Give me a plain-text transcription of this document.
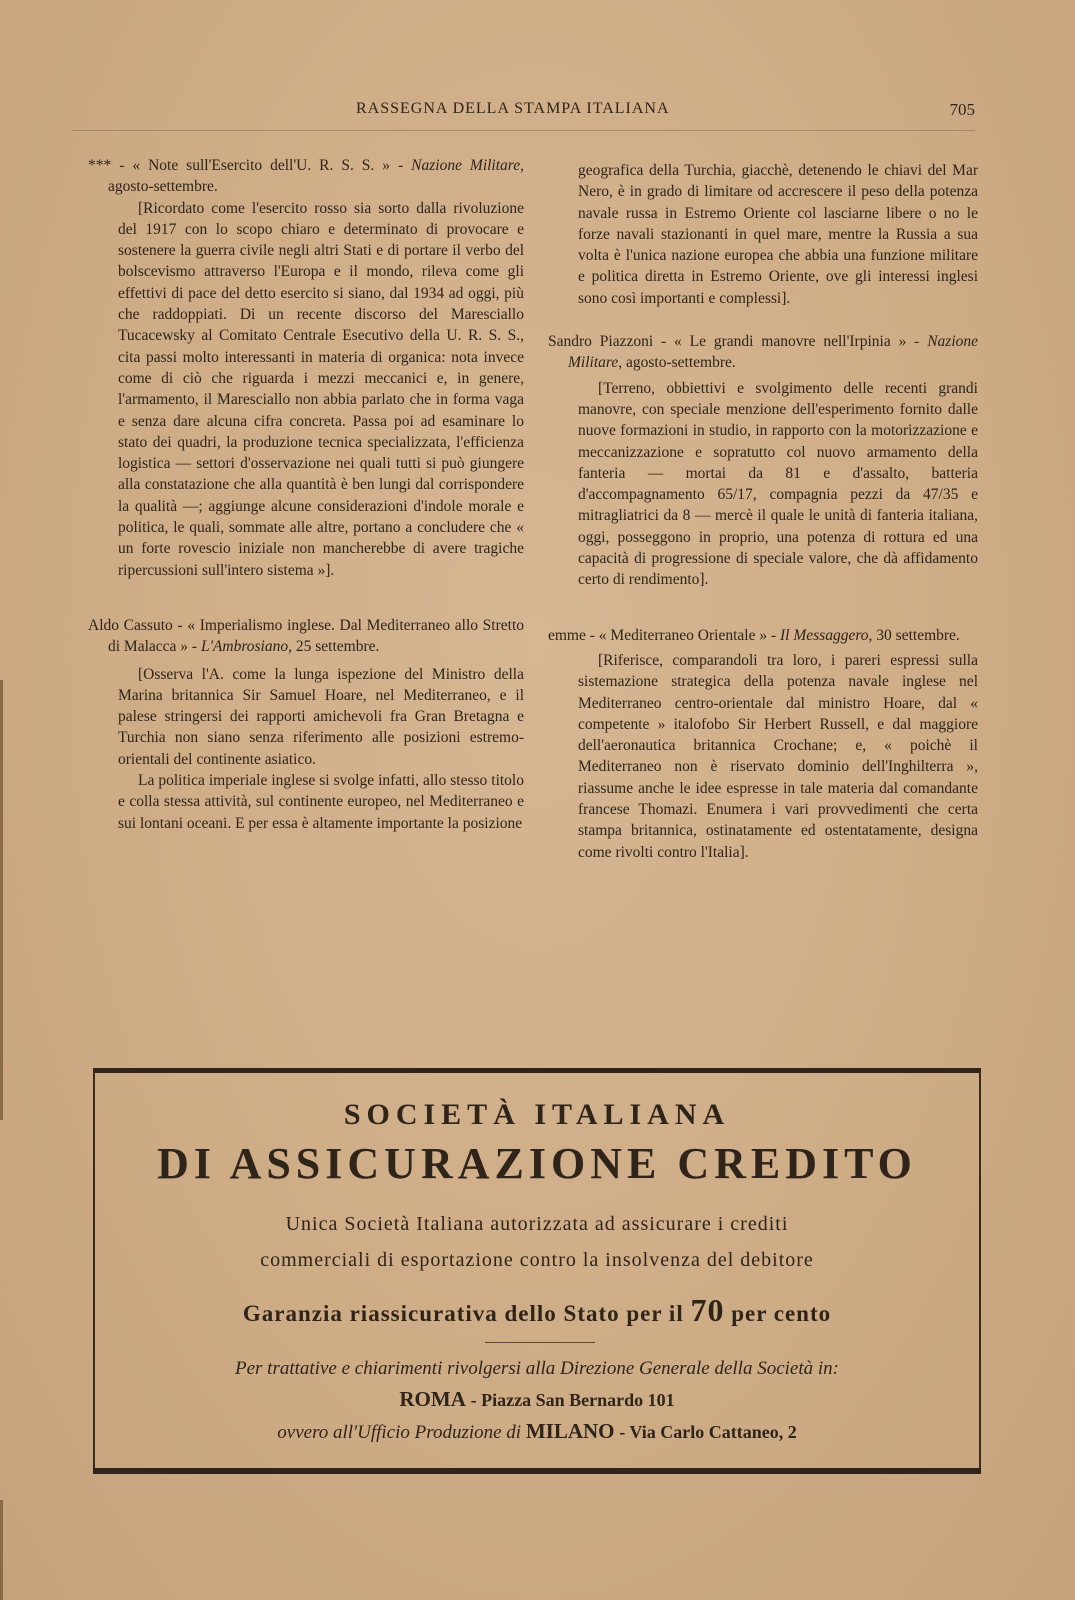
RASSEGNA DELLA STAMPA ITALIANA	705

*** - « Note sull'Esercito dell'U. R. S. S. » - Nazione Militare, agosto-settembre.

[Ricordato come l'esercito rosso sia sorto dalla rivoluzione del 1917 con lo scopo chiaro e determinato di provocare e sostenere la guerra civile negli altri Stati e di portare il verbo del bolscevismo attraverso l'Europa e il mondo, rileva come gli effettivi di pace del detto esercito si siano, dal 1934 ad oggi, più che raddoppiati. Di un recente discorso del Maresciallo Tucacewsky al Comitato Centrale Esecutivo della U. R. S. S., cita passi molto interessanti in materia di organica: nota invece come di ciò che riguarda i mezzi meccanici e, in genere, l'armamento, il Maresciallo non abbia parlato che in forma vaga e senza dare alcuna cifra concreta. Passa poi ad esaminare lo stato dei quadri, la produzione tecnica specializzata, l'efficienza logistica — settori d'osservazione nei quali tutti si può giungere alla constatazione che alla quantità è ben lungi dal corrispondere la qualità —; aggiunge alcune considerazioni d'indole morale e politica, le quali, sommate alle altre, portano a concludere che « un forte rovescio iniziale non mancherebbe di avere tragiche ripercussioni sull'intero sistema »].

Aldo Cassuto - « Imperialismo inglese. Dal Mediterraneo allo Stretto di Malacca » - L'Ambrosiano, 25 settembre.

[Osserva l'A. come la lunga ispezione del Ministro della Marina britannica Sir Samuel Hoare, nel Mediterraneo, e il palese stringersi dei rapporti amichevoli fra Gran Bretagna e Turchia non siano senza riferimento alle posizioni estremo-orientali del continente asiatico.

La politica imperiale inglese si svolge infatti, allo stesso titolo e colla stessa attività, sul continente europeo, nel Mediterraneo e sui lontani oceani. E per essa è altamente importante la posizione

geografica della Turchia, giacchè, detenendo le chiavi del Mar Nero, è in grado di limitare od accrescere il peso della potenza navale russa in Estremo Oriente col lasciarne libere o no le forze navali stazionanti in quel mare, mentre la Russia a sua volta è l'unica nazione europea che abbia una funzione militare e politica diretta in Estremo Oriente, ove gli interessi inglesi sono così importanti e complessi].

Sandro Piazzoni - « Le grandi manovre nell'Irpinia » - Nazione Militare, agosto-settembre.

[Terreno, obbiettivi e svolgimento delle recenti grandi manovre, con speciale menzione dell'esperimento fornito dalle nuove formazioni in studio, in rapporto con la motorizzazione e meccanizzazione e sopratutto col nuovo armamento della fanteria — mortai da 81 e d'assalto, batteria d'accompagnamento 65/17, compagnia pezzi da 47/35 e mitragliatrici da 8 — mercè il quale le unità di fanteria italiana, oggi, posseggono in proprio, una potenza di rottura ed una capacità di progressione di speciale valore, che dà affidamento certo di rendimento].

emme - « Mediterraneo Orientale » - Il Messaggero, 30 settembre.

[Riferisce, comparandoli tra loro, i pareri espressi sulla sistemazione strategica della potenza navale inglese nel Mediterraneo centro-orientale dal ministro Hoare, dal « competente » italofobo Sir Herbert Russell, e dal maggiore dell'aeronautica britannica Crochane; e, « poichè il Mediterraneo non è riservato dominio dell'Inghilterra », riassume anche le idee espresse in tale materia dal comandante francese Thomazi. Enumera i vari provvedimenti che certa stampa britannica, ostinatamente ed ostentatamente, designa come rivolti contro l'Italia].

SOCIETÀ ITALIANA
DI ASSICURAZIONE CREDITO
Unica Società Italiana autorizzata ad assicurare i crediti
commerciali di esportazione contro la insolvenza del debitore
Garanzia riassicurativa dello Stato per il 70 per cento
Per trattative e chiarimenti rivolgersi alla Direzione Generale della Società in:
ROMA - Piazza San Bernardo 101
ovvero all'Ufficio Produzione di MILANO - Via Carlo Cattaneo, 2
